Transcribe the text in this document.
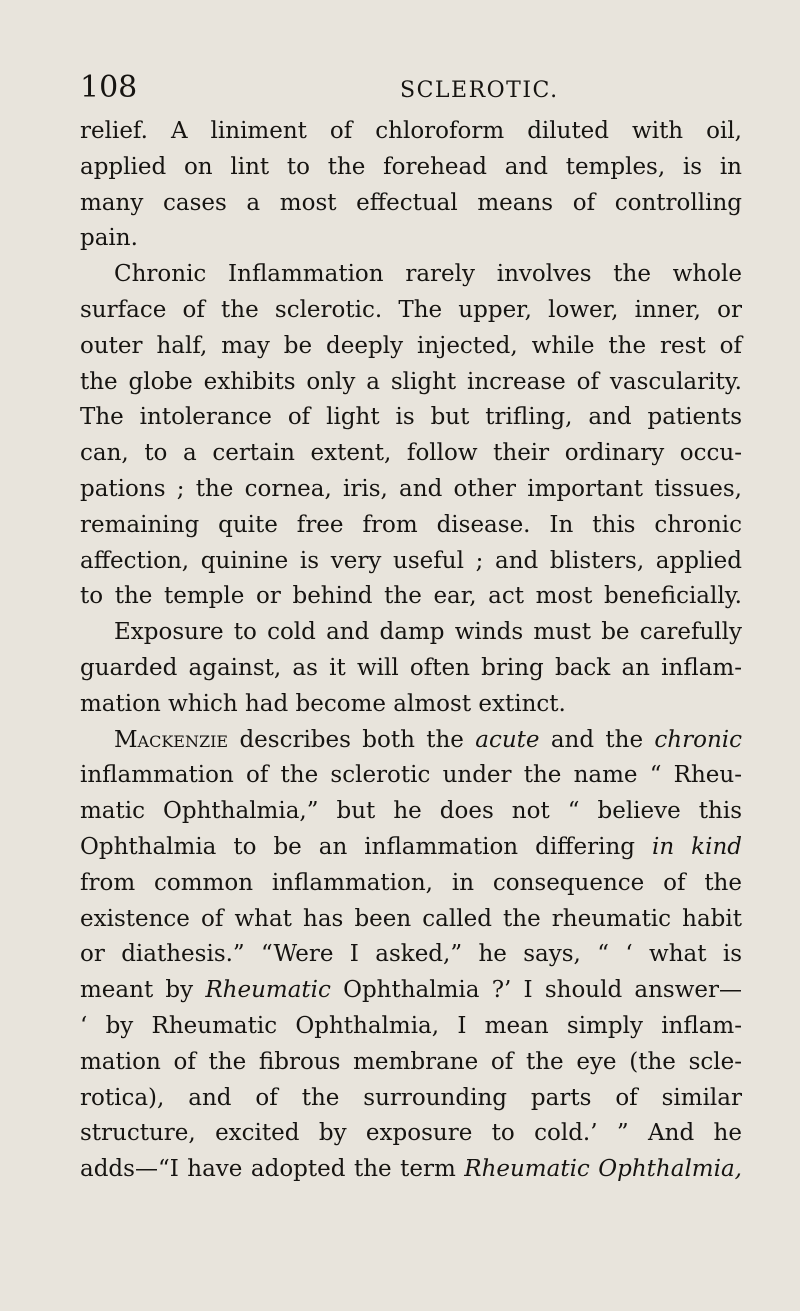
108	SCLEROTIC.
relief. A liniment of chloroform diluted with oil,
applied on lint to the forehead and temples, is in
many cases a most effectual means of controlling
pain.
Chronic Inflammation rarely involves the whole
surface of the sclerotic. The upper, lower, inner, or
outer half, may be deeply injected, while the rest of
the globe exhibits only a slight increase of vascularity.
The intolerance of light is but trifling, and patients
can, to a certain extent, follow their ordinary occu-
pations ; the cornea, iris, and other important tissues,
remaining quite free from disease. In this chronic
affection, quinine is very useful ; and blisters, applied
to the temple or behind the ear, act most beneficially.
Exposure to cold and damp winds must be carefully
guarded against, as it will often bring back an inflam-
mation which had become almost extinct.
Mackenzie describes both the acute and the chronic
inflammation of the sclerotic under the name “ Rheu-
matic Ophthalmia,” but he does not “ believe this
Ophthalmia to be an inflammation differing in kind
from common inflammation, in consequence of the
existence of what has been called the rheumatic habit
or diathesis.” “Were I asked,” he says, “ ‘ what is
meant by Rheumatic Ophthalmia ?’ I should answer—
‘ by Rheumatic Ophthalmia, I mean simply inflam-
mation of the fibrous membrane of the eye (the scle-
rotica), and of the surrounding parts of similar
structure, excited by exposure to cold.’ ” And he
adds—“I have adopted the term Rheumatic Ophthalmia,
